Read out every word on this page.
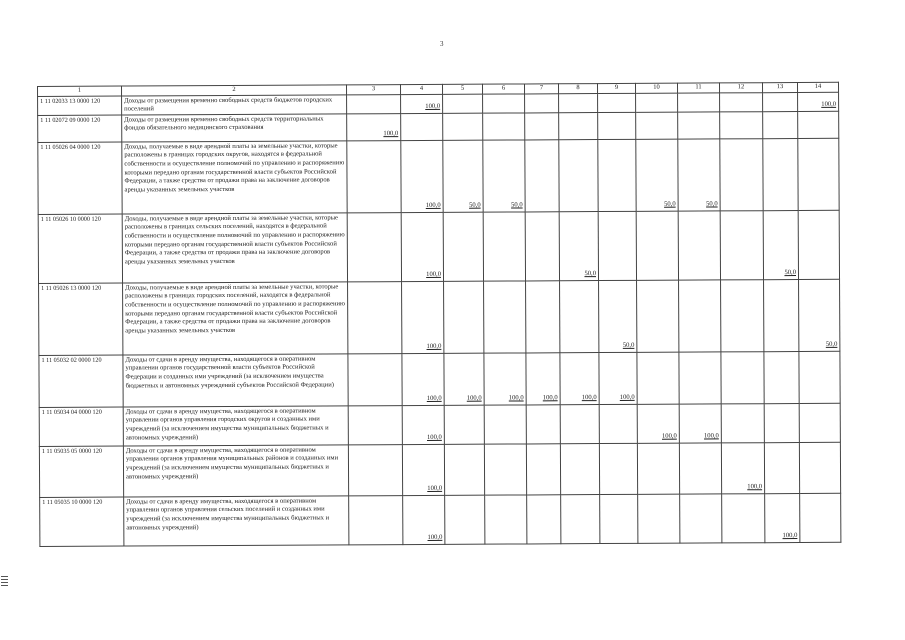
3
1	2	3	4	5	6	7	8	9	10	11	12	13	14
1 11 02033 13 0000 120	Доходы от размещения временно свободных средств бюджетов городских поселений		100,0										100,0
1 11 02072 09 0000 120	Доходы от размещения временно свободных средств территориальных фондов обязательного медицинского страхования	100,0											
1 11 05026 04 0000 120	Доходы, получаемые в виде арендной платы за земельные участки, которые расположены в границах городских округов, находятся в федеральной собственности и осуществление полномочий по управлению и распоряжению которыми передано органам государственной власти субъектов Российской Федерации, а также средства от продажи права на заключение договоров аренды указанных земельных участков		100,0	50,0	50,0				50,0	50,0			
1 11 05026 10 0000 120	Доходы, получаемые в виде арендной платы за земельные участки, которые расположены в границах сельских поселений, находятся в федеральной собственности и осуществление полномочий по управлению и распоряжению которыми передано органам государственной власти субъектов Российской Федерации, а также средства от продажи права на заключение договоров аренды указанных земельных участков		100,0				50,0					50,0	
1 11 05026 13 0000 120	Доходы, получаемые в виде арендной платы за земельные участки, которые расположены в границах городских поселений, находятся в федеральной собственности и осуществление полномочий по управлению и распоряжению которыми передано органам государственной власти субъектов Российской Федерации, а также средства от продажи права на заключение договоров аренды указанных земельных участков		100,0					50,0					50,0
1 11 05032 02 0000 120	Доходы от сдачи в аренду имущества, находящегося в оперативном управлении органов государственной власти субъектов Российской Федерации и созданных ими учреждений (за исключением имущества бюджетных и автономных учреждений субъектов Российской Федерации)		100,0	100,0	100,0	100,0	100,0	100,0					
1 11 05034 04 0000 120	Доходы от сдачи в аренду имущества, находящегося в оперативном управлении органов управления городских округов и созданных ими учреждений (за исключением имущества муниципальных бюджетных и автономных учреждений)		100,0						100,0	100,0			
1 11 05035 05 0000 120	Доходы от сдачи в аренду имущества, находящегося в оперативном управлении органов управления муниципальных районов и созданных ими учреждений (за исключением имущества муниципальных бюджетных и автономных учреждений)		100,0								100,0		
1 11 05035 10 0000 120	Доходы от сдачи в аренду имущества, находящегося в оперативном управлении органов управления сельских поселений и созданных ими учреждений (за исключением имущества муниципальных бюджетных и автономных учреждений)		100,0									100,0	
